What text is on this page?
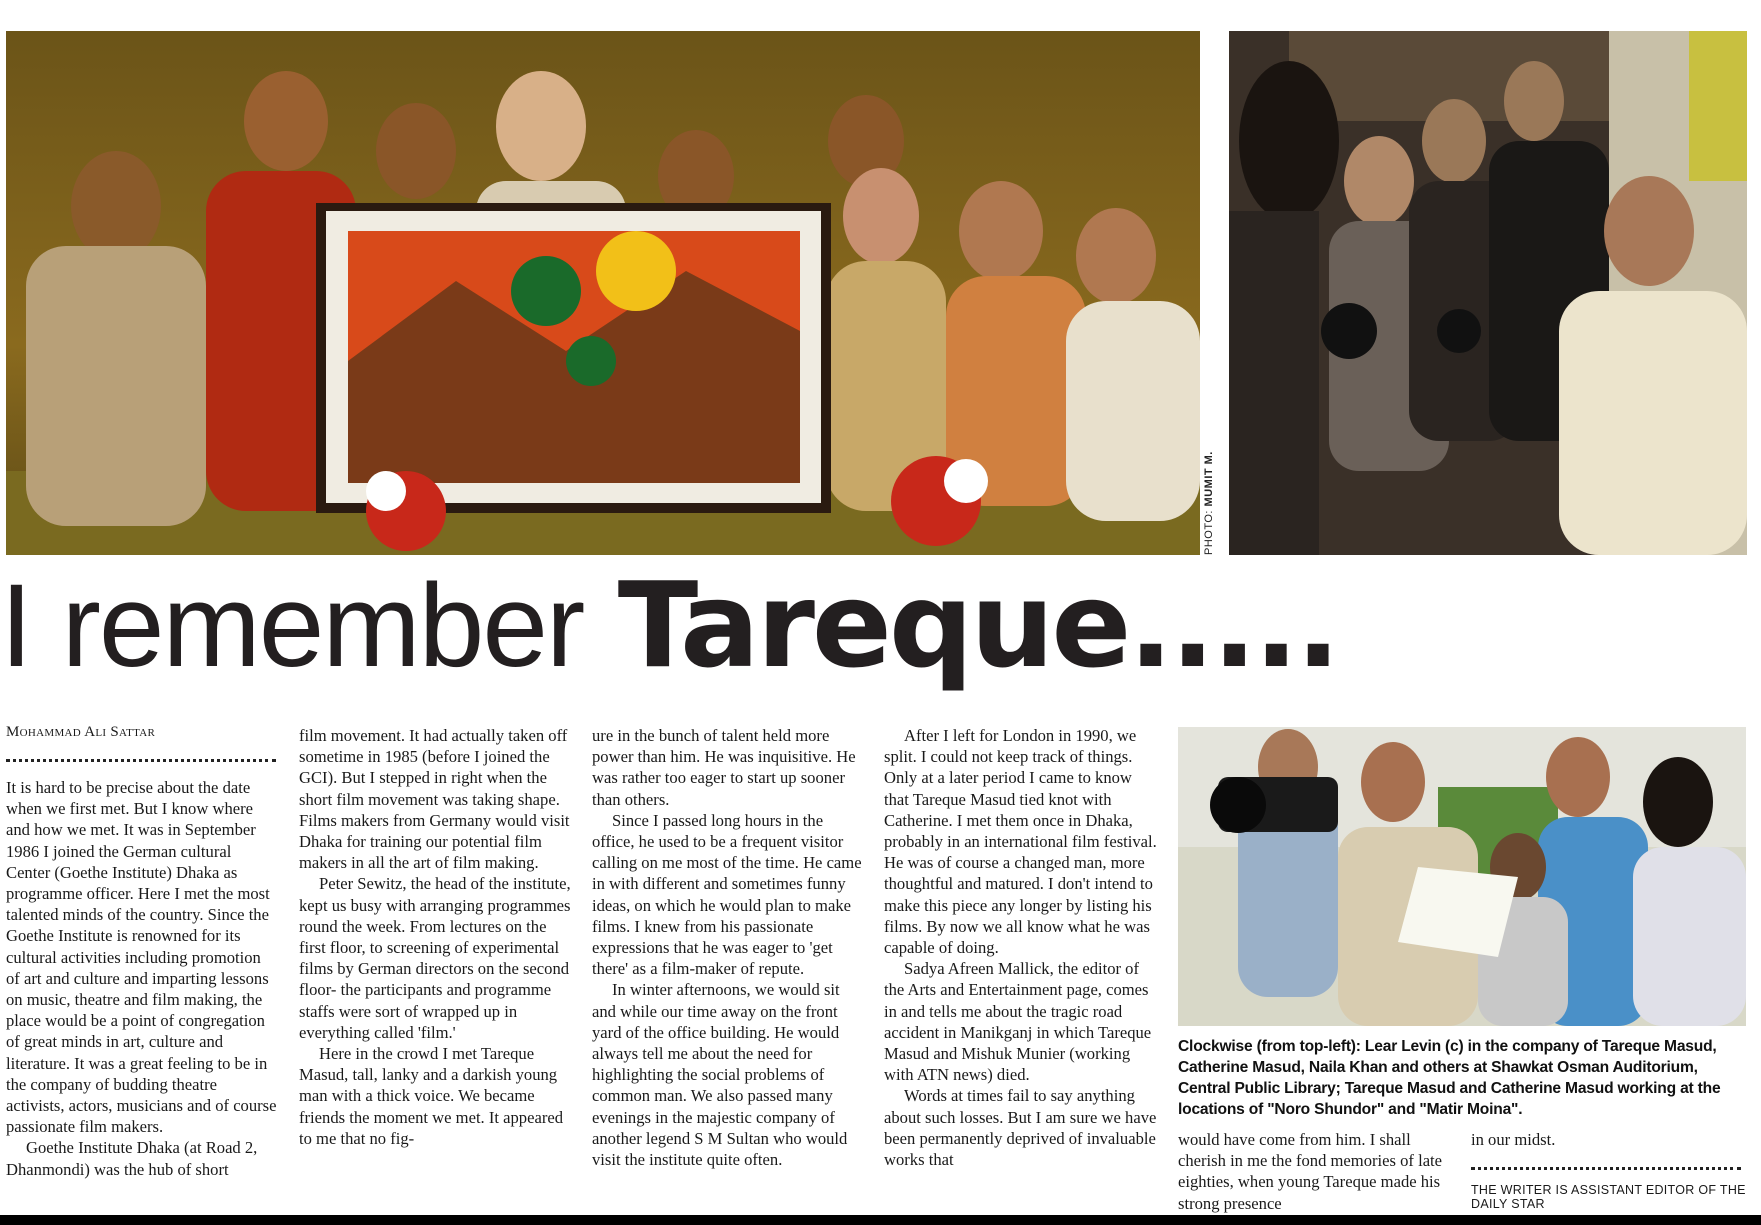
PHOTO: MUMIT M.
I remember Tareque.....
Mohammad Ali Sattar

It is hard to be precise about the date when we first met. But I know where and how we met. It was in September 1986 I joined the German cultural Center (Goethe Institute) Dhaka as programme officer. Here I met the most talented minds of the country. Since the Goethe Institute is renowned for its cultural activities including promotion of art and culture and imparting lessons on music, theatre and film making, the place would be a point of congregation of great minds in art, culture and literature. It was a great feeling to be in the company of budding theatre activists, actors, musicians and of course passionate film makers.

Goethe Institute Dhaka (at Road 2, Dhanmondi) was the hub of short

film movement. It had actually taken off sometime in 1985 (before I joined the GCI). But I stepped in right when the short film movement was taking shape. Films makers from Germany would visit Dhaka for training our potential film makers in all the art of film making.

Peter Sewitz, the head of the institute, kept us busy with arranging programmes round the week. From lectures on the first floor, to screening of experimental films by German directors on the second floor- the participants and programme staffs were sort of wrapped up in everything called 'film.'

Here in the crowd I met Tareque Masud, tall, lanky and a darkish young man with a thick voice. We became friends the moment we met. It appeared to me that no fig-

ure in the bunch of talent held more power than him. He was inquisitive. He was rather too eager to start up sooner than others.

Since I passed long hours in the office, he used to be a frequent visitor calling on me most of the time. He came in with different and sometimes funny ideas, on which he would plan to make films. I knew from his passionate expressions that he was eager to 'get there' as a film-maker of repute.

In winter afternoons, we would sit and while our time away on the front yard of the office building. He would always tell me about the need for highlighting the social problems of common man. We also passed many evenings in the majestic company of another legend S M Sultan who would visit the institute quite often.

After I left for London in 1990, we split. I could not keep track of things. Only at a later period I came to know that Tareque Masud tied knot with Catherine. I met them once in Dhaka, probably in an international film festival. He was of course a changed man, more thoughtful and matured. I don't intend to make this piece any longer by listing his films. By now we all know what he was capable of doing.

Sadya Afreen Mallick, the editor of the Arts and Entertainment page, comes in and tells me about the tragic road accident in Manikganj in which Tareque Masud and Mishuk Munier (working with ATN news) died.

Words at times fail to say anything about such losses. But I am sure we have been permanently deprived of invaluable works that

Clockwise (from top-left): Lear Levin (c) in the company of Tareque Masud, Catherine Masud, Naila Khan and others at Shawkat Osman Auditorium, Central Public Library; Tareque Masud and Catherine Masud working at the locations of "Noro Shundor" and "Matir Moina".

would have come from him. I shall cherish in me the fond memories of late eighties, when young Tareque made his strong presence

in our midst.

THE WRITER IS ASSISTANT EDITOR OF THE DAILY STAR
